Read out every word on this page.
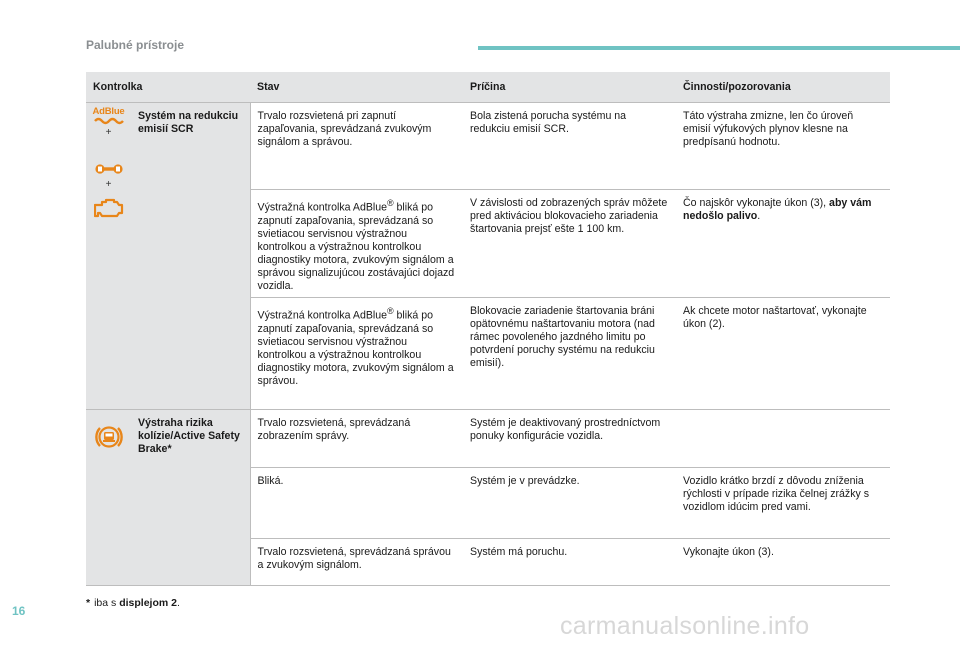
Palubné prístroje
Kontrolka		Stav	Príčina	Činnosti/pozorovania

AdBlue
+
+	Systém na redukciu emisií SCR	Trvalo rozsvietená pri zapnutí zapaľovania, sprevádzaná zvukovým signálom a správou.	Bola zistená porucha systému na redukciu emisií SCR.	Táto výstraha zmizne, len čo úroveň emisií výfukových plynov klesne na predpísanú hodnotu.
		Výstražná kontrolka AdBlue® bliká po zapnutí zapaľovania, sprevádzaná so svietiacou servisnou výstražnou kontrolkou a výstražnou kontrolkou diagnostiky motora, zvukovým signálom a správou signalizujúcou zostávajúci dojazd vozidla.	V závislosti od zobrazených správ môžete pred aktiváciou blokovacieho zariadenia štartovania prejsť ešte 1 100 km.	Čo najskôr vykonajte úkon (3), aby vám nedošlo palivo.
		Výstražná kontrolka AdBlue® bliká po zapnutí zapaľovania, sprevádzaná so svietiacou servisnou výstražnou kontrolkou a výstražnou kontrolkou diagnostiky motora, zvukovým signálom a správou.	Blokovacie zariadenie štartovania bráni opätovnému naštartovaniu motora (nad rámec povoleného jazdného limitu po potvrdení poruchy systému na redukciu emisií).	Ak chcete motor naštartovať, vykonajte úkon (2).

	Výstraha rizika kolízie/Active Safety Brake*	Trvalo rozsvietená, sprevádzaná zobrazením správy.	Systém je deaktivovaný prostredníctvom ponuky konfigurácie vozidla.	
		Bliká.	Systém je v prevádzke.	Vozidlo krátko brzdí z dôvodu zníženia rýchlosti v prípade rizika čelnej zrážky s vozidlom idúcim pred vami.
		Trvalo rozsvietená, sprevádzaná správou a zvukovým signálom.	Systém má poruchu.	Vykonajte úkon (3).
* iba s displejom 2.
16
carmanualsonline.info
